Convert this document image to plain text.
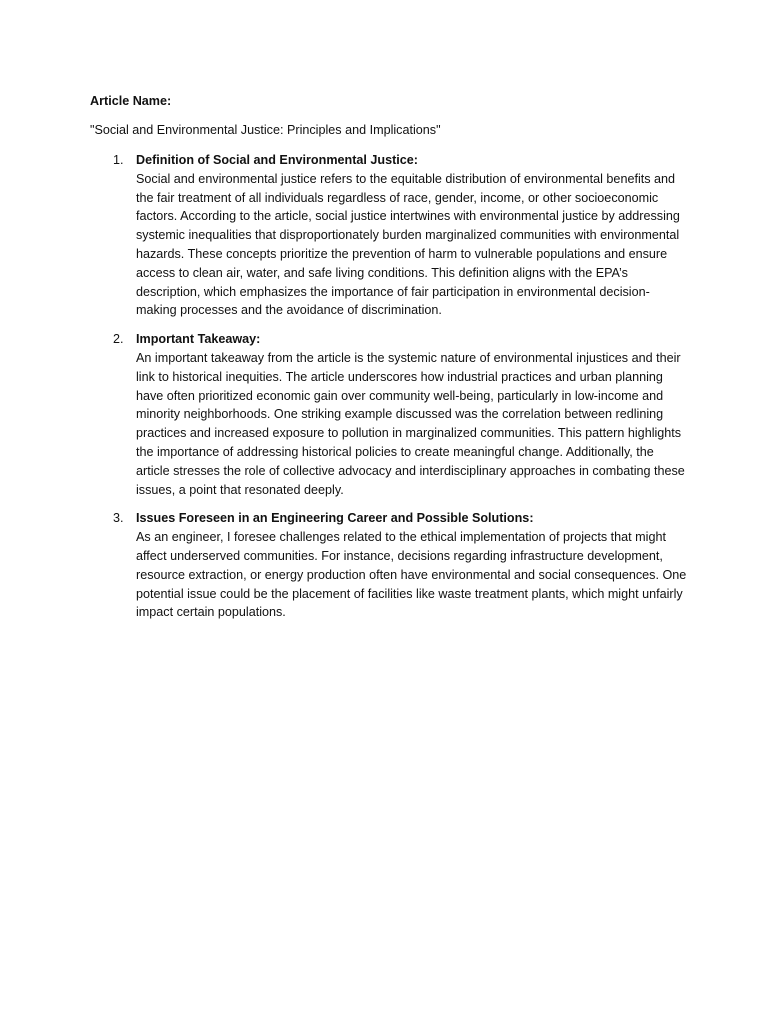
Article Name:

"Social and Environmental Justice: Principles and Implications"

1. Definition of Social and Environmental Justice:
Social and environmental justice refers to the equitable distribution of environmental benefits and the fair treatment of all individuals regardless of race, gender, income, or other socioeconomic factors. According to the article, social justice intertwines with environmental justice by addressing systemic inequalities that disproportionately burden marginalized communities with environmental hazards. These concepts prioritize the prevention of harm to vulnerable populations and ensure access to clean air, water, and safe living conditions. This definition aligns with the EPA’s description, which emphasizes the importance of fair participation in environmental decision-making processes and the avoidance of discrimination.
2. Important Takeaway:
An important takeaway from the article is the systemic nature of environmental injustices and their link to historical inequities. The article underscores how industrial practices and urban planning have often prioritized economic gain over community well-being, particularly in low-income and minority neighborhoods. One striking example discussed was the correlation between redlining practices and increased exposure to pollution in marginalized communities. This pattern highlights the importance of addressing historical policies to create meaningful change. Additionally, the article stresses the role of collective advocacy and interdisciplinary approaches in combating these issues, a point that resonated deeply.
3. Issues Foreseen in an Engineering Career and Possible Solutions:
As an engineer, I foresee challenges related to the ethical implementation of projects that might affect underserved communities. For instance, decisions regarding infrastructure development, resource extraction, or energy production often have environmental and social consequences. One potential issue could be the placement of facilities like waste treatment plants, which might unfairly impact certain populations.
